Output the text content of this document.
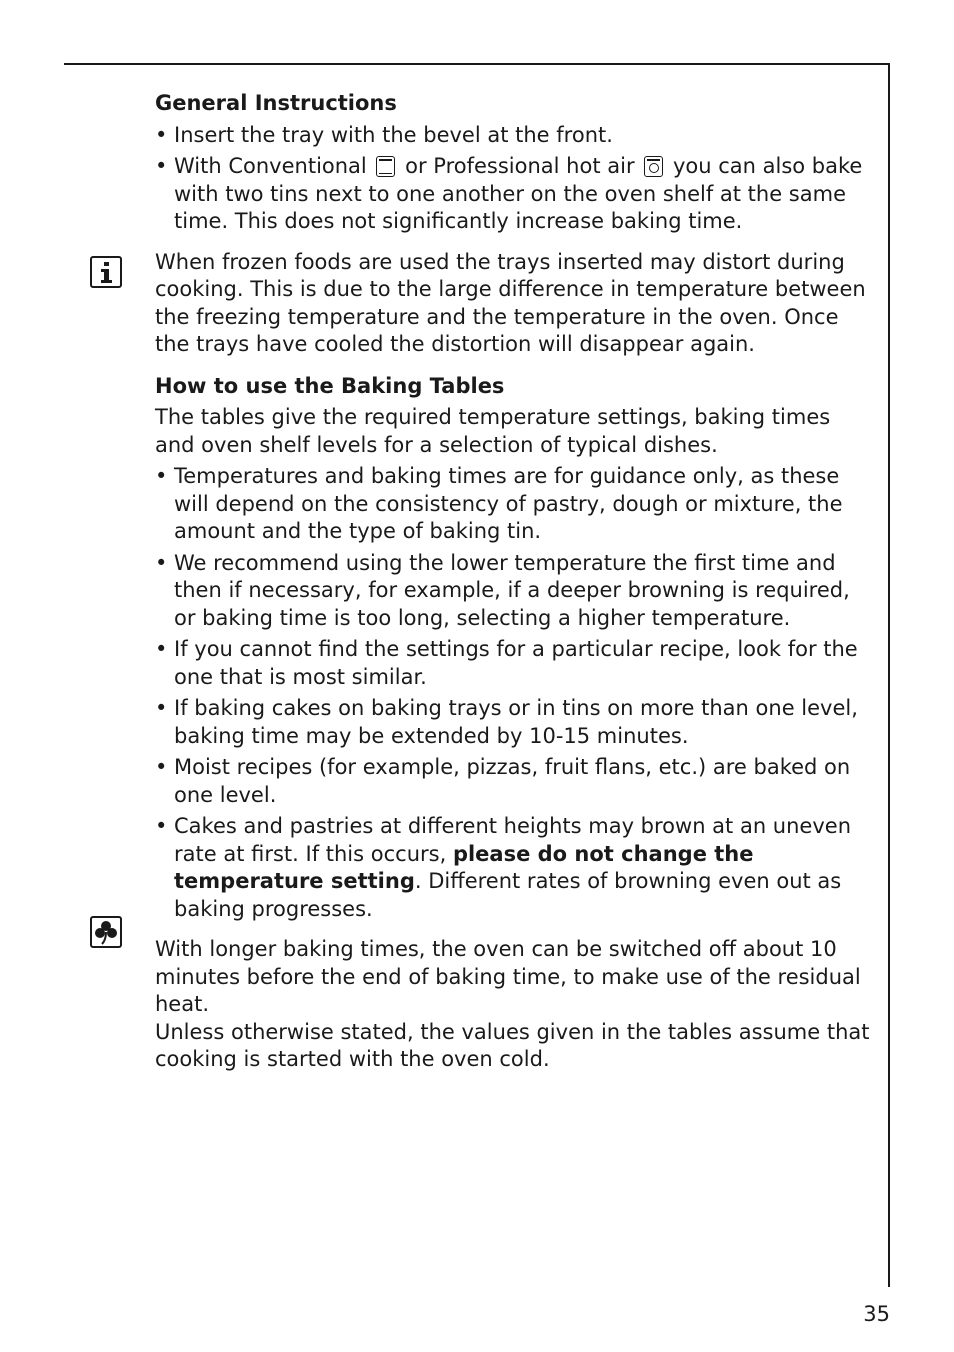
General Instructions

• Insert the tray with the bevel at the front.

• With Conventional or Professional hot air you can also bake with two tins next to one another on the oven shelf at the same time. This does not significantly increase baking time.

When frozen foods are used the trays inserted may distort during cooking. This is due to the large difference in temperature between the freezing temperature and the temperature in the oven. Once the trays have cooled the distortion will disappear again.

How to use the Baking Tables

The tables give the required temperature settings, baking times and oven shelf levels for a selection of typical dishes.

• Temperatures and baking times are for guidance only, as these will depend on the consistency of pastry, dough or mixture, the amount and the type of baking tin.

• We recommend using the lower temperature the first time and then if necessary, for example, if a deeper browning is required, or baking time is too long, selecting a higher temperature.

• If you cannot find the settings for a particular recipe, look for the one that is most similar.

• If baking cakes on baking trays or in tins on more than one level, baking time may be extended by 10-15 minutes.

• Moist recipes (for example, pizzas, fruit flans, etc.) are baked on one level.

• Cakes and pastries at different heights may brown at an uneven rate at first. If this occurs, please do not change the temperature setting. Different rates of browning even out as baking progresses.

With longer baking times, the oven can be switched off about 10 minutes before the end of baking time, to make use of the residual heat.

Unless otherwise stated, the values given in the tables assume that cooking is started with the oven cold.

35
